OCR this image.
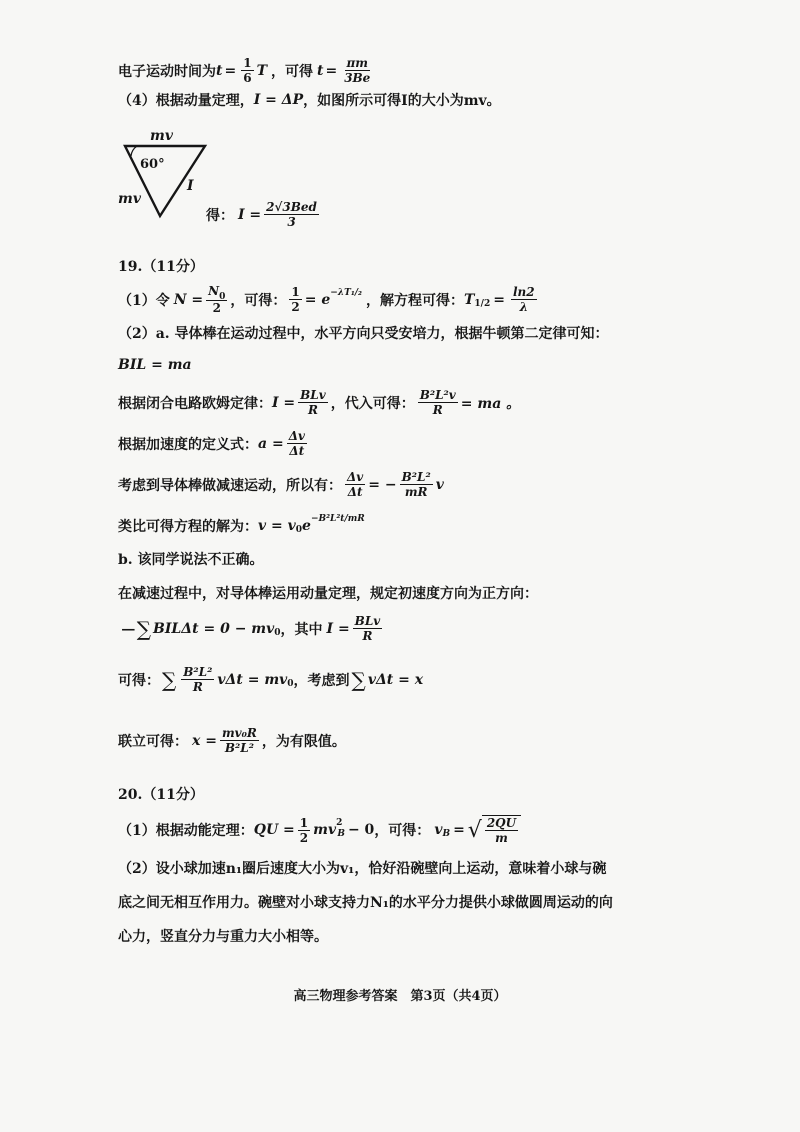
电子运动时间为 $t = \frac{1}{6}$ T ，可得 $t = \frac{\pi m}{3Be}$
（4）根据动量定理， I = ΔP ，如图所示可得I的大小为mv。
mv
60°
mv
I
得： $I = \frac{\text{2√3Bed}}{3}$
19.（11分）
（1）令 $N = \frac{N_0}{2}$ ，可得： $\frac{1}{2} = e -\lambda T_1/_2$ ，解方程可得： T $1/2 = \frac{\ln 2}{\lambda}$
（2）a. 导体棒在运动过程中，水平方向只受安培力，根据牛顿第二定律可知：
BIL = ma
根据闭合电路欧姆定律： $I = \frac{\text{BLv}}{R}$ ，代入可得： $\frac{\text{B²L²v}}{R}$ = ma 。
根据加速度的定义式： $a = \frac{\Delta v}{\Delta t}$
考虑到导体棒做减速运动，所以有： $\frac{\Delta v}{\Delta t}$ = − $\frac{\text{B²L²}}{mR}$ v
类比可得方程的解为： v = v 0 e −B²L²t/mR
b. 该同学说法不正确。
在减速过程中，对导体棒运用动量定理，规定初速度方向为正方向：
−∑ BILΔt = 0 − mv 0 ，其中 $I = \frac{\text{BLv}}{R}$
可得： ∑ $\frac{\text{B²L²}}{R}$ vΔt = mv 0 ，考虑到 ∑ vΔt = x
联立可得： $x = \frac{\text{mv₀R}}{\text{B²L²}}$ ，为有限值。
20.（11分）
（1）根据动能定理： QU = $\frac{1}{2}$ mv 2
B − 0 ，可得： v B = √ $\frac{2QU}{m}$
（2）设小球加速n₁圈后速度大小为v₁，恰好沿碗壁向上运动，意味着小球与碗
底之间无相互作用力。碗壁对小球支持力N₁的水平分力提供小球做圆周运动的向
心力，竖直分力与重力大小相等。
高三物理参考答案　第3页（共4页）
